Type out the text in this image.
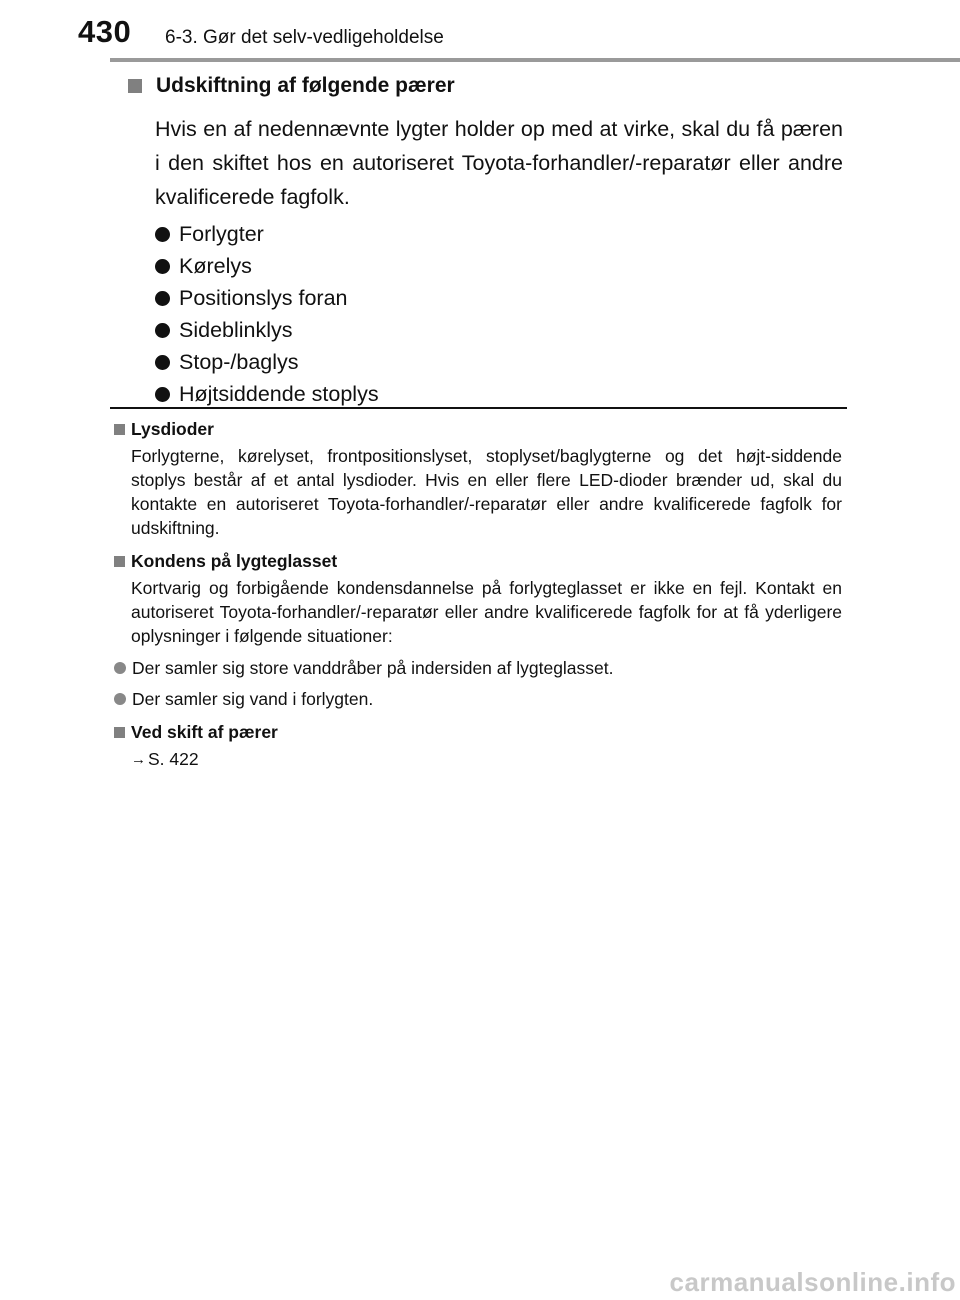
430 6-3. Gør det selv-vedligeholdelse
Udskiftning af følgende pærer

Hvis en af nedennævnte lygter holder op med at virke, skal du få pæren i den skiftet hos en autoriseret Toyota-forhandler/-reparatør eller andre kvalificerede fagfolk.

Forlygter
Kørelys
Positionslys foran
Sideblinklys
Stop-/baglys
Højtsiddende stoplys
Lysdioder

Forlygterne, kørelyset, frontpositionslyset, stoplyset/baglygterne og det højt-siddende stoplys består af et antal lysdioder. Hvis en eller flere LED-dioder brænder ud, skal du kontakte en autoriseret Toyota-forhandler/-reparatør eller andre kvalificerede fagfolk for udskiftning.

Kondens på lygteglasset

Kortvarig og forbigående kondensdannelse på forlygteglasset er ikke en fejl. Kontakt en autoriseret Toyota-forhandler/-reparatør eller andre kvalificerede fagfolk for at få yderligere oplysninger i følgende situationer:

Der samler sig store vanddråber på indersiden af lygteglasset.
Der samler sig vand i forlygten.
Ved skift af pærer
→ S. 422
carmanualsonline.info
